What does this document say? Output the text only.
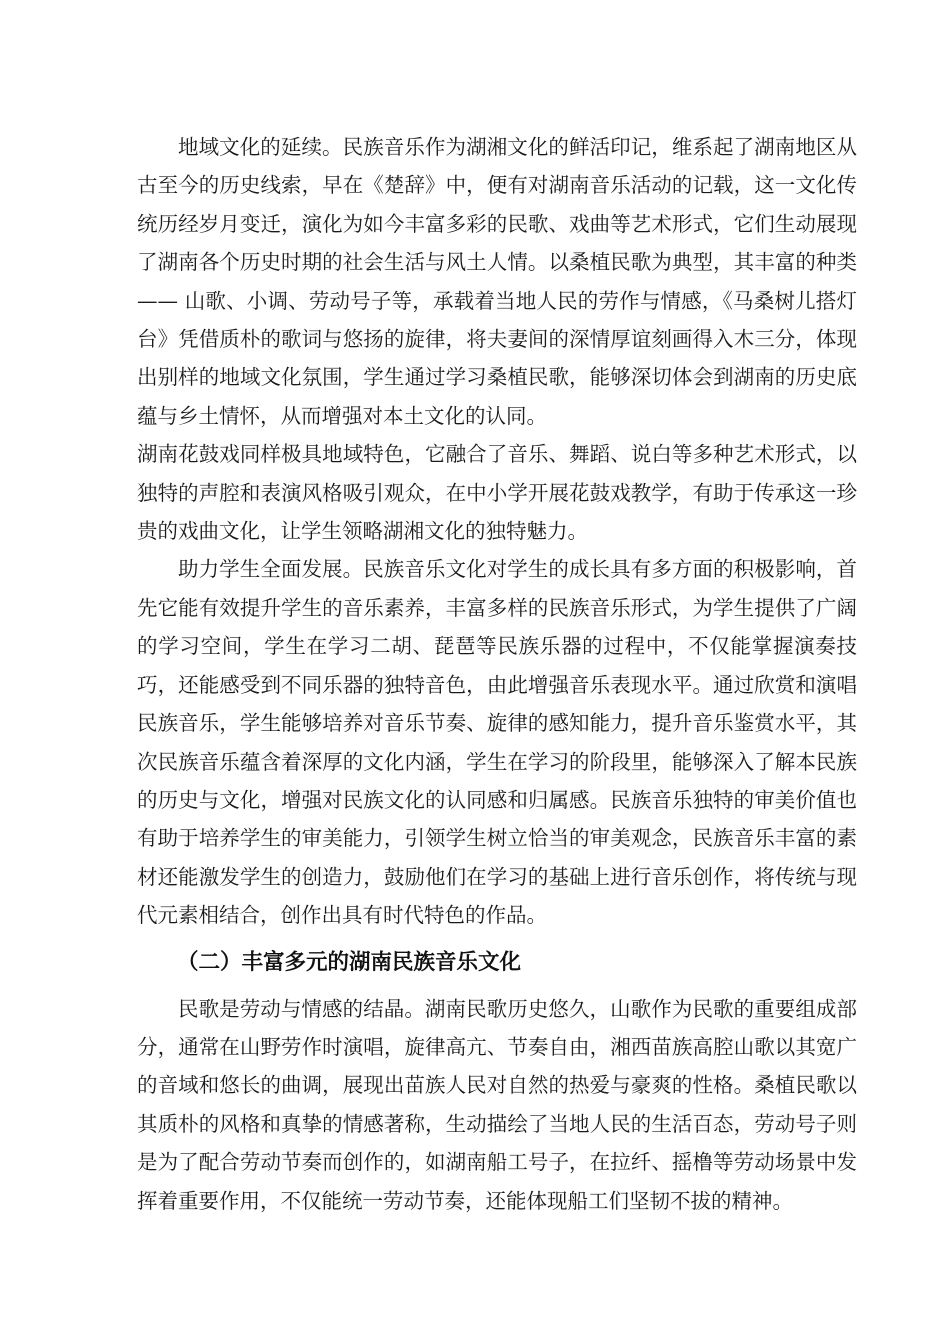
地域文化的延续。民族音乐作为湖湘文化的鲜活印记，维系起了湖南地区从古至今的历史线索，早在《楚辞》中，便有对湖南音乐活动的记载，这一文化传统历经岁月变迁，演化为如今丰富多彩的民歌、戏曲等艺术形式，它们生动展现了湖南各个历史时期的社会生活与风土人情。以桑植民歌为典型，其丰富的种类 —— 山歌、小调、劳动号子等，承载着当地人民的劳作与情感，《马桑树儿搭灯台》凭借质朴的歌词与悠扬的旋律，将夫妻间的深情厚谊刻画得入木三分，体现出别样的地域文化氛围，学生通过学习桑植民歌，能够深切体会到湖南的历史底蕴与乡土情怀，从而增强对本土文化的认同。

湖南花鼓戏同样极具地域特色，它融合了音乐、舞蹈、说白等多种艺术形式，以独特的声腔和表演风格吸引观众，在中小学开展花鼓戏教学，有助于传承这一珍贵的戏曲文化，让学生领略湖湘文化的独特魅力。

助力学生全面发展。民族音乐文化对学生的成长具有多方面的积极影响，首先它能有效提升学生的音乐素养，丰富多样的民族音乐形式，为学生提供了广阔的学习空间，学生在学习二胡、琵琶等民族乐器的过程中，不仅能掌握演奏技巧，还能感受到不同乐器的独特音色，由此增强音乐表现水平。通过欣赏和演唱民族音乐，学生能够培养对音乐节奏、旋律的感知能力，提升音乐鉴赏水平，其次民族音乐蕴含着深厚的文化内涵，学生在学习的阶段里，能够深入了解本民族的历史与文化，增强对民族文化的认同感和归属感。民族音乐独特的审美价值也有助于培养学生的审美能力，引领学生树立恰当的审美观念，民族音乐丰富的素材还能激发学生的创造力，鼓励他们在学习的基础上进行音乐创作，将传统与现代元素相结合，创作出具有时代特色的作品。

（二）丰富多元的湖南民族音乐文化

民歌是劳动与情感的结晶。湖南民歌历史悠久，山歌作为民歌的重要组成部分，通常在山野劳作时演唱，旋律高亢、节奏自由，湘西苗族高腔山歌以其宽广的音域和悠长的曲调，展现出苗族人民对自然的热爱与豪爽的性格。桑植民歌以其质朴的风格和真挚的情感著称，生动描绘了当地人民的生活百态，劳动号子则是为了配合劳动节奏而创作的，如湖南船工号子，在拉纤、摇橹等劳动场景中发挥着重要作用，不仅能统一劳动节奏，还能体现船工们坚韧不拔的精神。
